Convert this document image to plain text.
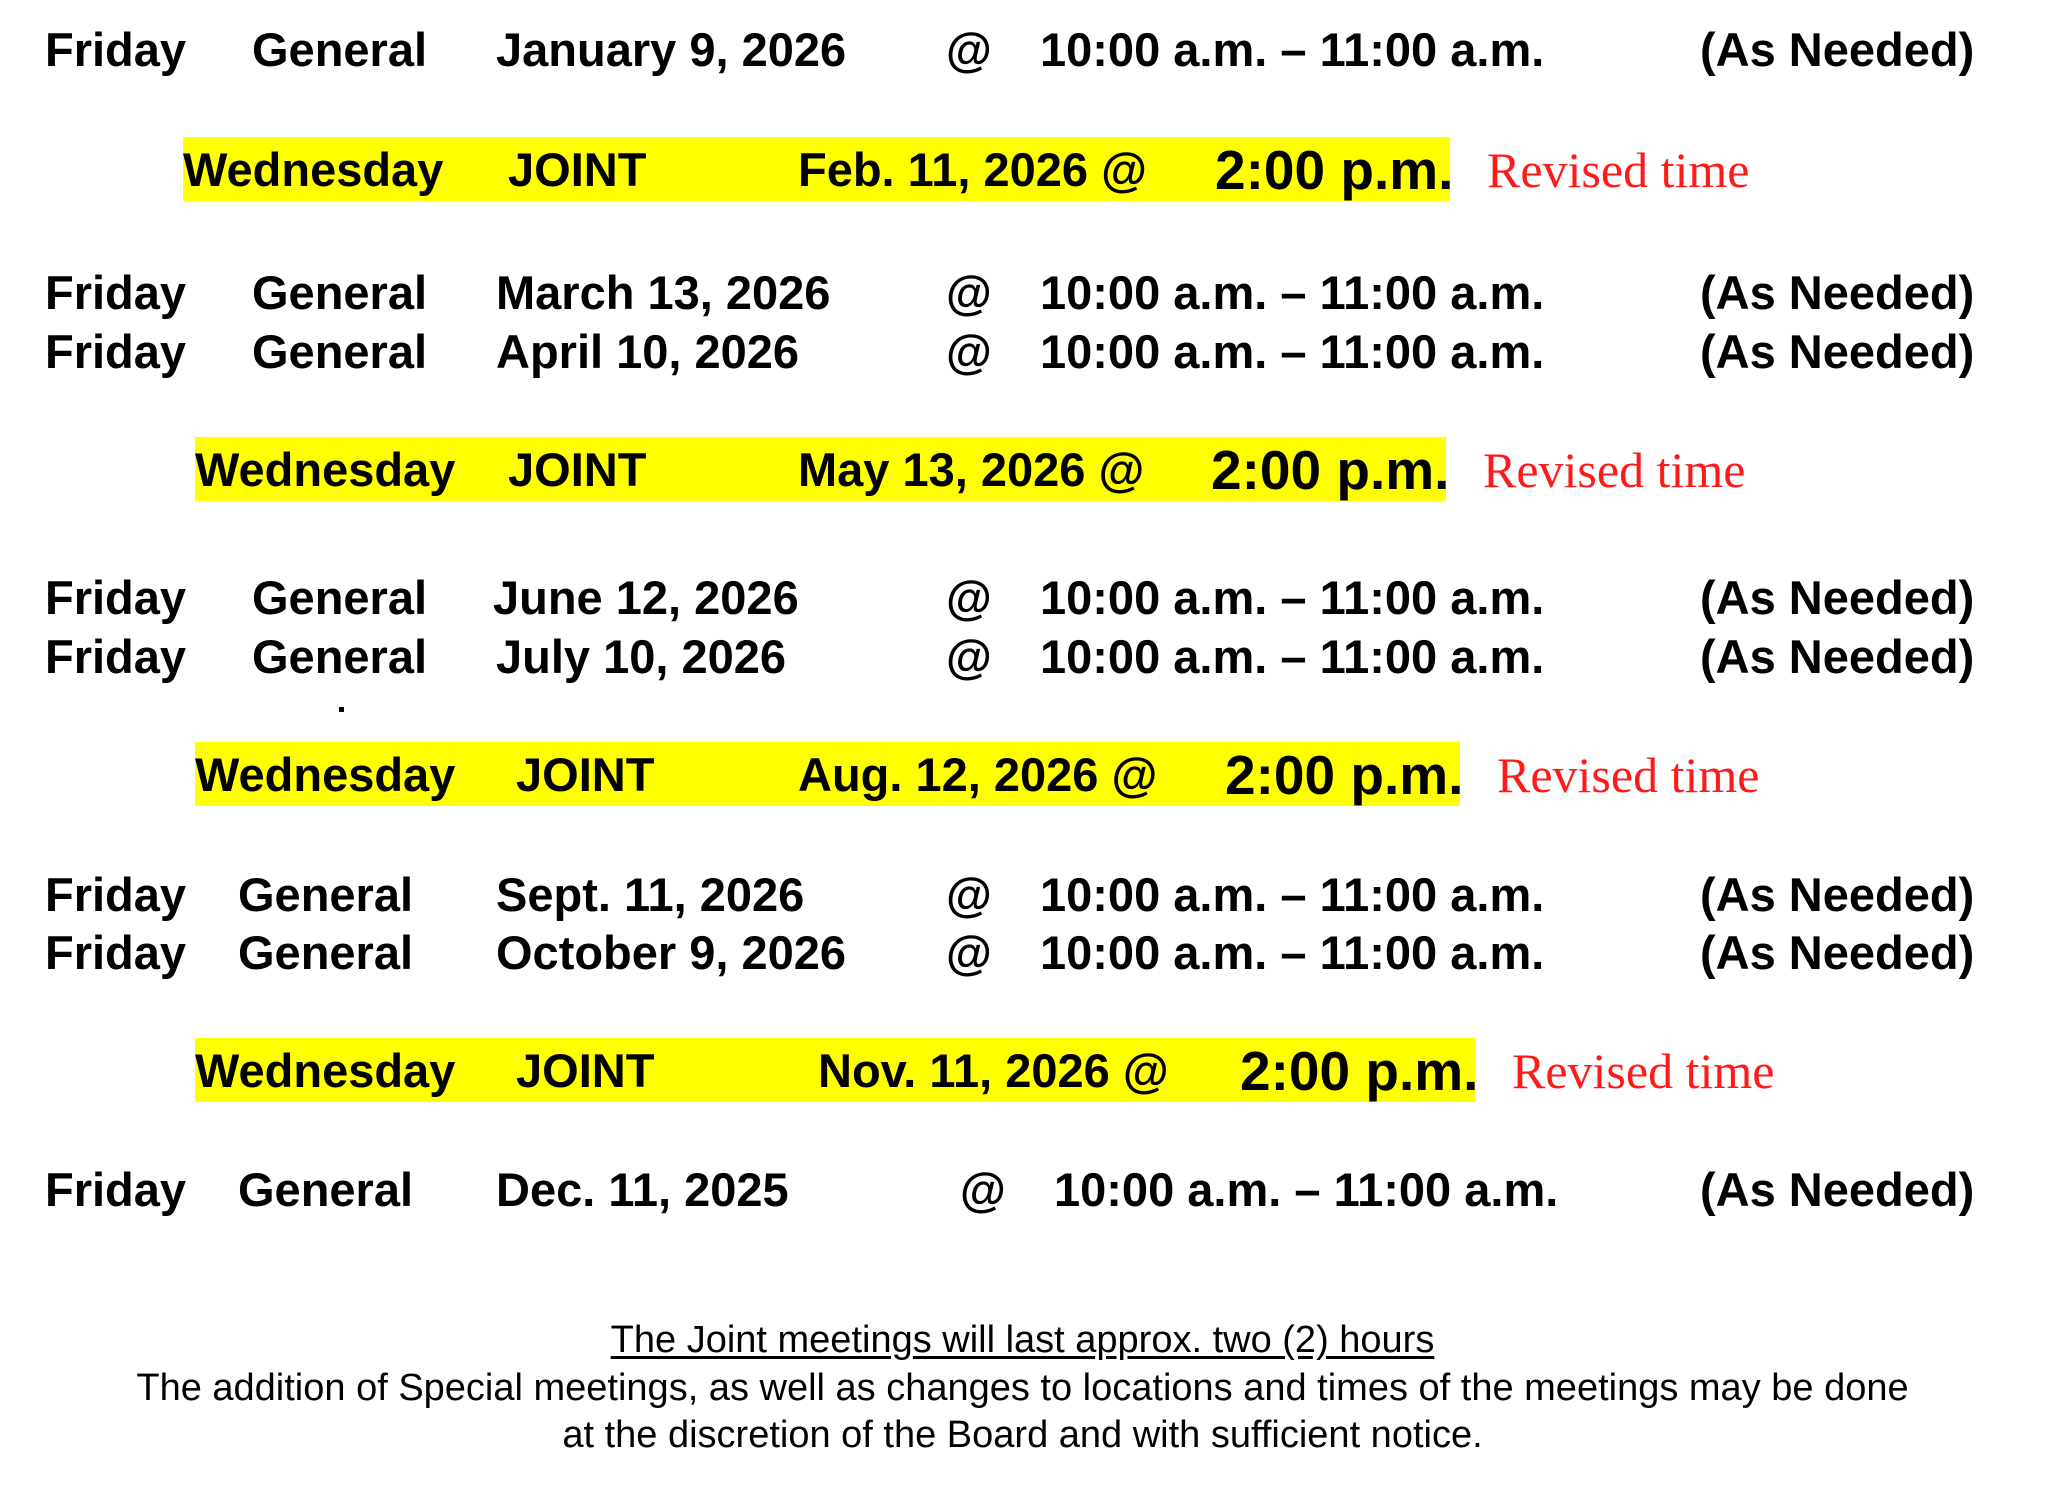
Friday General January 9, 2026 @ 10:00 a.m. – 11:00 a.m.	(As Needed)
Wednesday JOINT	Feb. 11, 2026 @ 2:00 p.m. Revised time
Friday General March 13, 2026 @ 10:00 a.m. – 11:00 a.m.	(As Needed)
Friday General April 10, 2026	@ 10:00 a.m. – 11:00 a.m.	(As Needed)
Wednesday JOINT	May 13, 2026 @ 2:00 p.m. Revised time
Friday General June 12, 2026	@ 10:00 a.m. – 11:00 a.m.	(As Needed)
Friday General July 10, 2026	@ 10:00 a.m. – 11:00 a.m.	(As Needed)
Wednesday JOINT	Aug. 12, 2026 @ 2:00 p.m. Revised time
Friday General Sept. 11, 2026	@ 10:00 a.m. – 11:00 a.m.	(As Needed)
Friday General October 9, 2026 @ 10:00 a.m. – 11:00 a.m.	(As Needed)
Wednesday JOINT	Nov. 11, 2026 @ 2:00 p.m. Revised time
Friday General Dec. 11, 2025	@ 10:00 a.m. – 11:00 a.m.	(As Needed)
The Joint meetings will last approx. two (2) hours
The addition of Special meetings, as well as changes to locations and times of the meetings may be done
at the discretion of the Board and with sufficient notice.
